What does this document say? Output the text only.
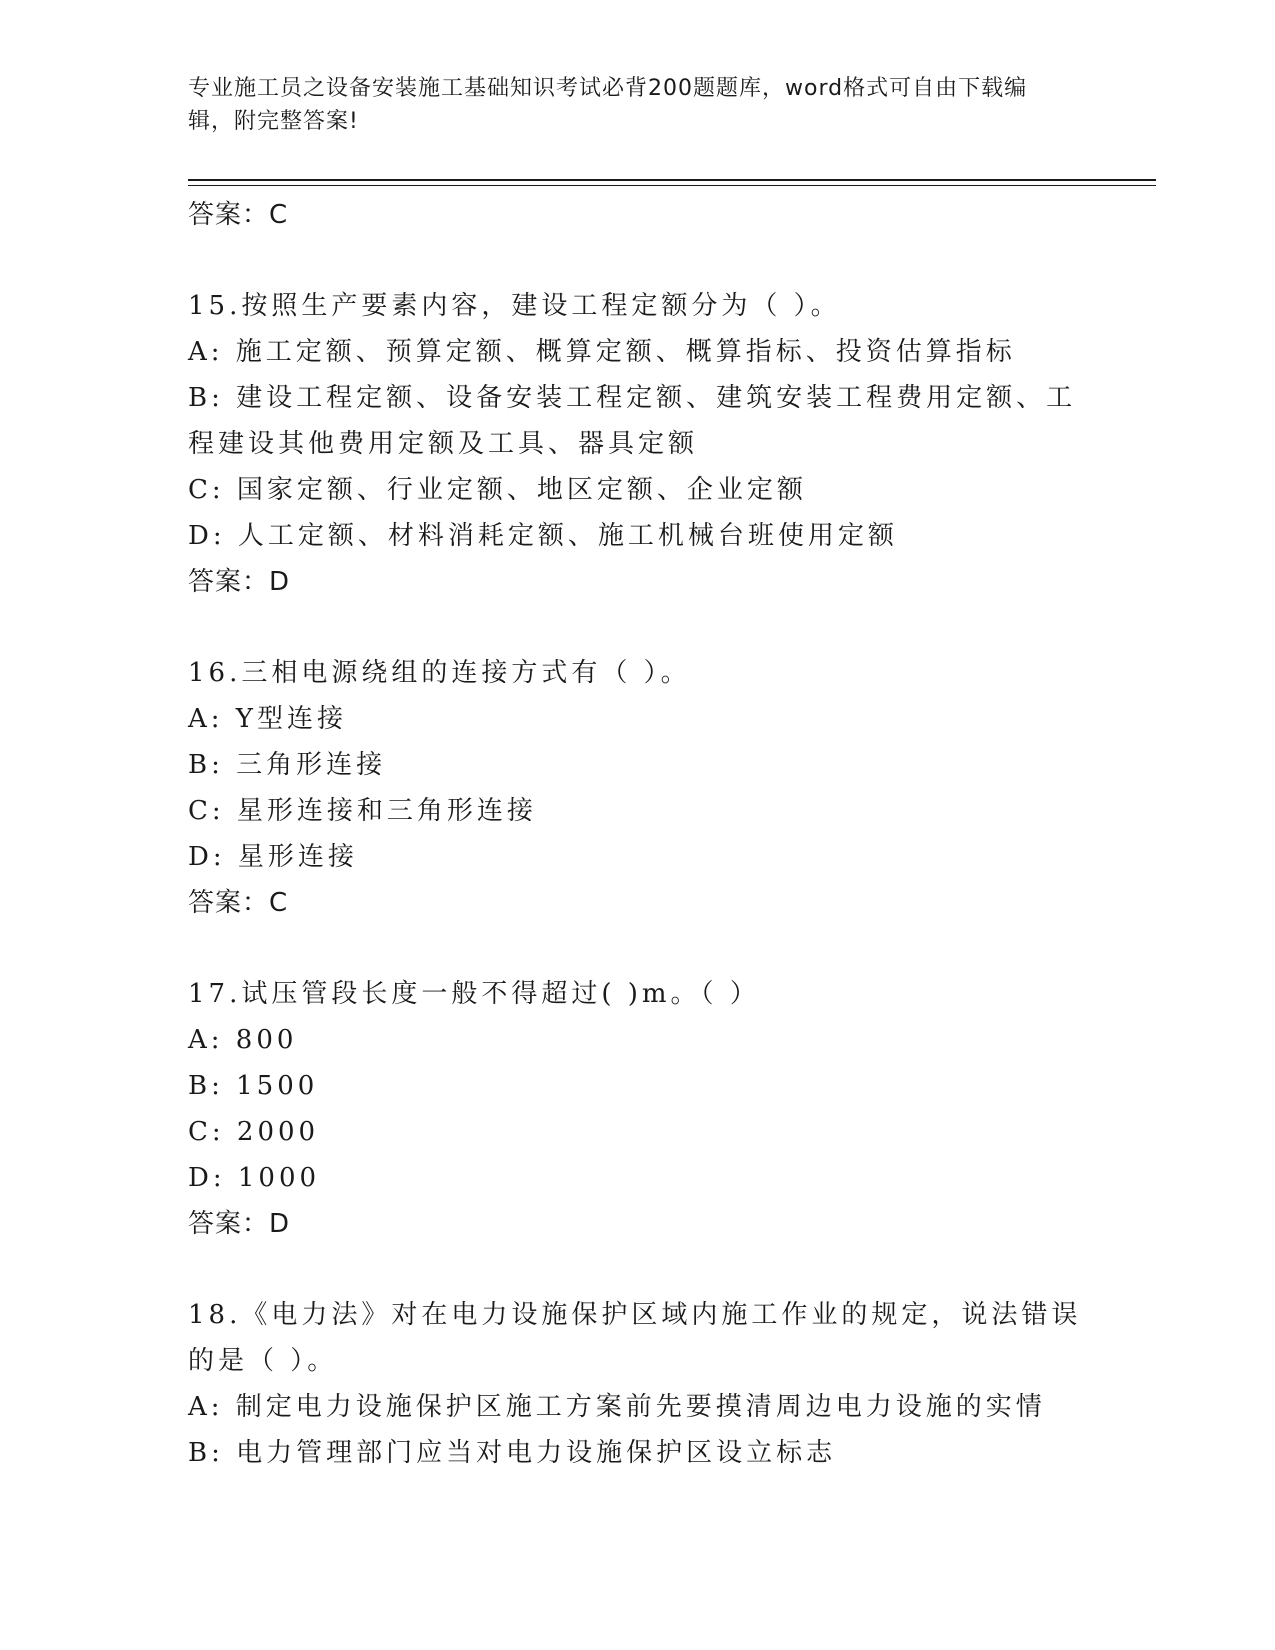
专业施工员之设备安装施工基础知识考试必背200题题库，word格式可自由下载编辑，附完整答案!
答案：C
15.按照生产要素内容，建设工程定额分为（ ）。
A: 施工定额、预算定额、概算定额、概算指标、投资估算指标
B: 建设工程定额、设备安装工程定额、建筑安装工程费用定额、工程建设其他费用定额及工具、器具定额
C: 国家定额、行业定额、地区定额、企业定额
D: 人工定额、材料消耗定额、施工机械台班使用定额
答案：D
16.三相电源绕组的连接方式有（ ）。
A: Y型连接
B: 三角形连接
C: 星形连接和三角形连接
D: 星形连接
答案：C
17.试压管段长度一般不得超过( )m。（ ）
A: 800
B: 1500
C: 2000
D: 1000
答案：D
18.《电力法》对在电力设施保护区域内施工作业的规定，说法错误的是（ ）。
A: 制定电力设施保护区施工方案前先要摸清周边电力设施的实情
B: 电力管理部门应当对电力设施保护区设立标志
